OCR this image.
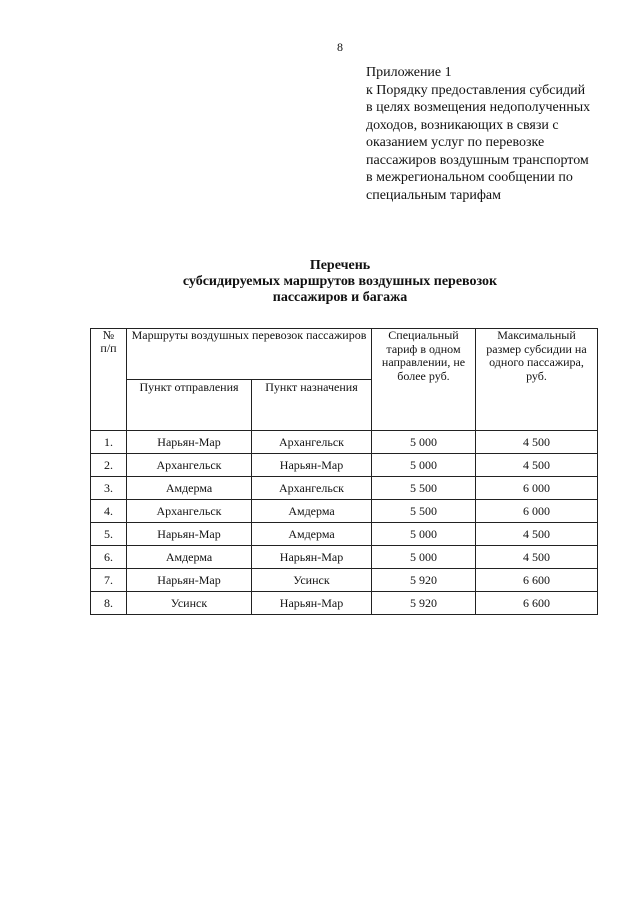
8
Приложение 1
к Порядку предоставления субсидий
в целях возмещения недополученных
доходов, возникающих в связи с
оказанием услуг по перевозке
пассажиров воздушным транспортом
в межрегиональном сообщении по
специальным тарифам
Перечень
субсидируемых маршрутов воздушных перевозок
пассажиров и багажа
№
п/п	Маршруты воздушных перевозок пассажиров		Специальный тариф в одном направлении, не более руб.	Максимальный размер субсидии на одного пассажира, руб.

	Пункт отправления	Пункт назначения		

1.	Нарьян-Мар	Архангельск	5 000	4 500
2.	Архангельск	Нарьян-Мар	5 000	4 500
3.	Амдерма	Архангельск	5 500	6 000
4.	Архангельск	Амдерма	5 500	6 000
5.	Нарьян-Мар	Амдерма	5 000	4 500
6.	Амдерма	Нарьян-Мар	5 000	4 500
7.	Нарьян-Мар	Усинск	5 920	6 600
8.	Усинск	Нарьян-Мар	5 920	6 600
